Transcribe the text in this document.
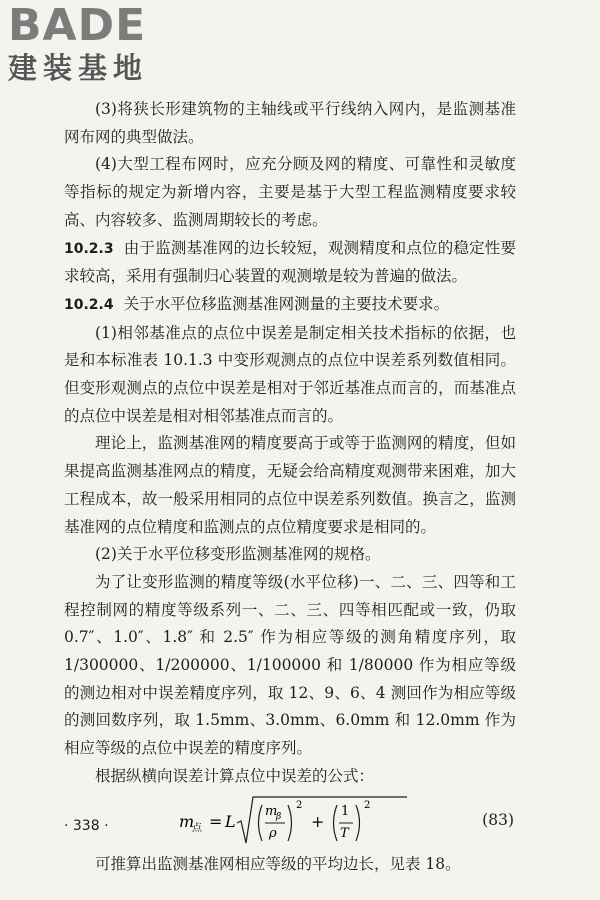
BADE
建装基地

(3)将狭长形建筑物的主轴线或平行线纳入网内，是监测基准网布网的典型做法。

(4)大型工程布网时，应充分顾及网的精度、可靠性和灵敏度等指标的规定为新增内容，主要是基于大型工程监测精度要求较高、内容较多、监测周期较长的考虑。

10.2.3 由于监测基准网的边长较短，观测精度和点位的稳定性要求较高，采用有强制归心装置的观测墩是较为普遍的做法。

10.2.4 关于水平位移监测基准网测量的主要技术要求。

(1)相邻基准点的点位中误差是制定相关技术指标的依据，也是和本标准表 10.1.3 中变形观测点的点位中误差系列数值相同。但变形观测点的点位中误差是相对于邻近基准点而言的，而基准点的点位中误差是相对相邻基准点而言的。

理论上，监测基准网的精度要高于或等于监测网的精度，但如果提高监测基准网点的精度，无疑会给高精度观测带来困难，加大工程成本，故一般采用相同的点位中误差系列数值。换言之，监测基准网的点位精度和监测点的点位精度要求是相同的。

(2)关于水平位移变形监测基准网的规格。

为了让变形监测的精度等级(水平位移)一、二、三、四等和工程控制网的精度等级系列一、二、三、四等相匹配或一致，仍取 0.7″、1.0″、1.8″ 和 2.5″ 作为相应等级的测角精度序列，取 1/300000、1/200000、1/100000 和 1/80000 作为相应等级的测边相对中误差精度序列，取 12、9、6、4 测回作为相应等级的测回数序列，取 1.5mm、3.0mm、6.0mm 和 12.0mm 作为相应等级的点位中误差的精度序列。

根据纵横向误差计算点位中误差的公式：

m
点 = L
m
β
ρ
2
+
1
T
2
(83)

可推算出监测基准网相应等级的平均边长，见表 18。

· 338 ·
